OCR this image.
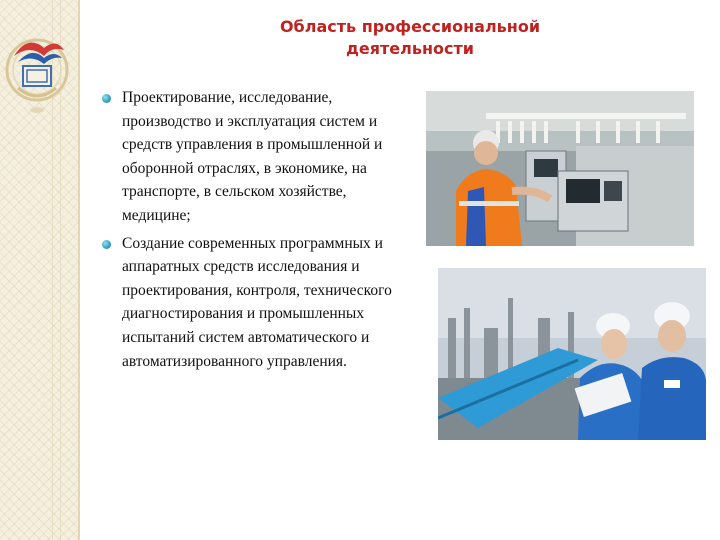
Область профессиональной
деятельности
Проектирование, исследование, производство и эксплуатация систем и средств управления в промышленной и оборонной отраслях, в экономике, на транспорте, в сельском хозяйстве, медицине;
Создание современных программных и аппаратных средств исследования и проектирования, контроля, технического диагностирования и промышленных испытаний систем автоматического и автоматизированного управления.
